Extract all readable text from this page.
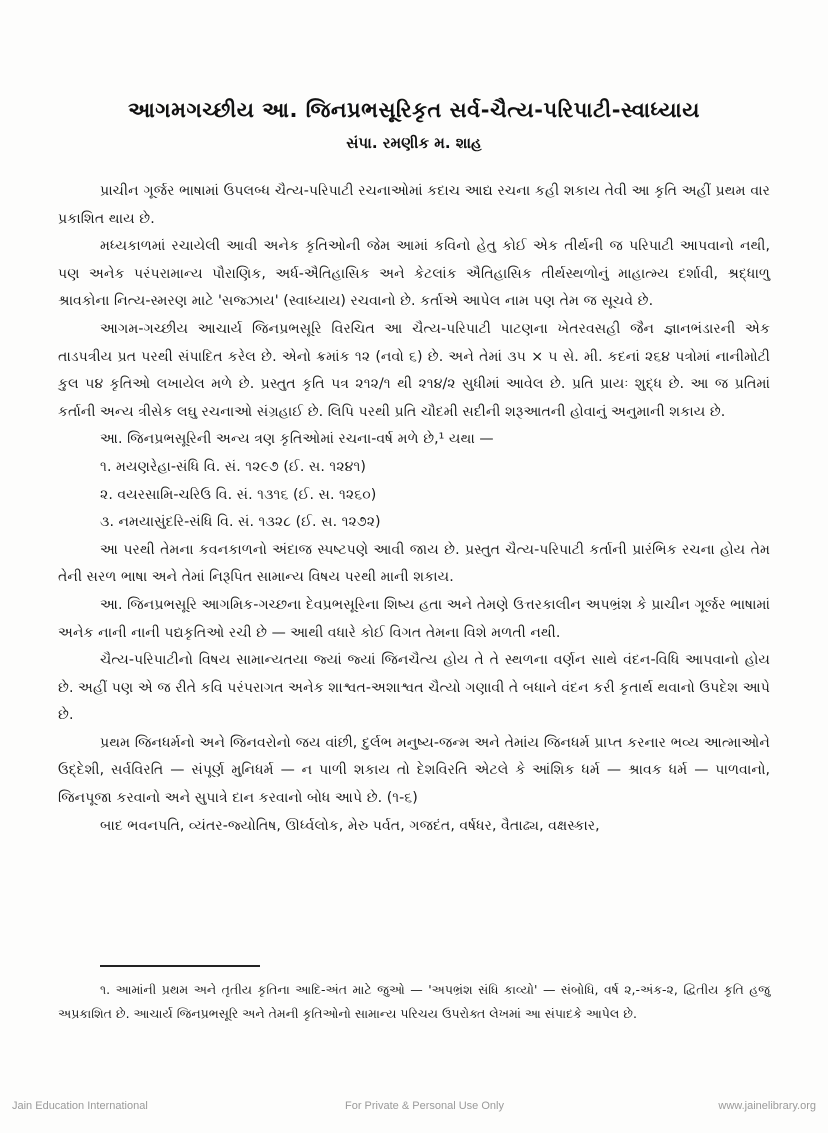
આગમગચ્છીય આ. જિનપ્રભસૂરિકૃત સર્વ-ચૈત્ય-પરિપાટી-સ્વાધ્યાય
સંપા. રમણીક મ. શાહ

પ્રાચીન ગૂર્જર ભાષામાં ઉપલબ્ધ ચૈત્ય-પરિપાટી રચનાઓમાં કદાચ આદ્ય રચના કહી શકાય તેવી આ કૃતિ અહીં પ્રથમ વાર પ્રકાશિત થાય છે.

મધ્યકાળમાં રચાયેલી આવી અનેક કૃતિઓની જેમ આમાં કવિનો હેતુ કોઈ એક તીર્થની જ પરિપાટી આપવાનો નથી, પણ અનેક પરંપરામાન્ય પૌરાણિક, અર્ધ-ઐતિહાસિક અને કેટલાંક ઐતિહાસિક તીર્થસ્થળોનું માહાત્મ્ય દર્શાવી, શ્રદ્ધાળુ શ્રાવકોના નિત્ય-સ્મરણ માટે 'સજ્ઝાય' (સ્વાધ્યાય) રચવાનો છે. કર્તાએ આપેલ નામ પણ તેમ જ સૂચવે છે.

આગમ-ગચ્છીય આચાર્ય જિનપ્રભસૂરિ વિરચિત આ ચૈત્ય-પરિપાટી પાટણના ખેતરવસહી જૈન જ્ઞાનભંડારની એક તાડપત્રીય પ્રત પરથી સંપાદિત કરેલ છે. એનો ક્રમાંક ૧૨ (નવો ૬) છે. અને તેમાં ૩૫ × ૫ સે. મી. કદનાં ૨૬૪ પત્રોમાં નાનીમોટી કુલ ૫૪ કૃતિઓ લખાયેલ મળે છે. પ્રસ્તુત કૃતિ પત્ર ૨૧૨/૧ થી ૨૧૪/૨ સુધીમાં આવેલ છે. પ્રતિ પ્રાયઃ શુદ્ધ છે. આ જ પ્રતિમાં કર્તાની અન્ય ત્રીસેક લઘુ રચનાઓ સંગ્રહાઈ છે. લિપિ પરથી પ્રતિ ચૌદમી સદીની શરૂઆતની હોવાનું અનુમાની શકાય છે.

આ. જિનપ્રભસૂરિની અન્ય ત્રણ કૃતિઓમાં રચના-વર્ષ મળે છે,¹ યથા —

૧. મયણરેહા-સંધિ વિ. સં. ૧૨૯૭ (ઈ. સ. ૧૨૪૧)
૨. વયરસામિ-ચરિઉ વિ. સં. ૧૩૧૬ (ઈ. સ. ૧૨૬૦)
૩. નમયાસુંદરિ-સંધિ વિ. સં. ૧૩૨૮ (ઈ. સ. ૧૨૭૨)

આ પરથી તેમના કવનકાળનો અંદાજ સ્પષ્ટપણે આવી જાય છે. પ્રસ્તુત ચૈત્ય-પરિપાટી કર્તાની પ્રારંભિક રચના હોય તેમ તેની સરળ ભાષા અને તેમાં નિરૂપિત સામાન્ય વિષય પરથી માની શકાય.

આ. જિનપ્રભસૂરિ આગમિક-ગચ્છના દેવપ્રભસૂરિના શિષ્ય હતા અને તેમણે ઉત્તરકાલીન અપભ્રંશ કે પ્રાચીન ગૂર્જર ભાષામાં અનેક નાની નાની પદ્યકૃતિઓ રચી છે — આથી વધારે કોઈ વિગત તેમના વિશે મળતી નથી.

ચૈત્ય-પરિપાટીનો વિષય સામાન્યતયા જ્યાં જ્યાં જિનચૈત્ય હોય તે તે સ્થળના વર્ણન સાથે વંદન-વિધિ આપવાનો હોય છે. અહીં પણ એ જ રીતે કવિ પરંપરાગત અનેક શાશ્વત-અશાશ્વત ચૈત્યો ગણાવી તે બધાને વંદન કરી કૃતાર્થ થવાનો ઉપદેશ આપે છે.

પ્રથમ જિનધર્મનો અને જિનવરોનો જય વાંછી, દુર્લભ મનુષ્ય-જન્મ અને તેમાંય જિનધર્મ પ્રાપ્ત કરનાર ભવ્ય આત્માઓને ઉદ્દેશી, સર્વવિરતિ — સંપૂર્ણ મુનિધર્મ — ન પાળી શકાય તો દેશવિરતિ એટલે કે આંશિક ધર્મ — શ્રાવક ધર્મ — પાળવાનો, જિનપૂજા કરવાનો અને સુપાત્રે દાન કરવાનો બોધ આપે છે. (૧-૬)

બાદ ભવનપતિ, વ્યંતર-જ્યોતિષ, ઊર્ધ્વલોક, મેરુ પર્વત, ગજદંત, વર્ષધર, વૈતાઢ્ય, વક્ષસ્કાર,

૧. આમાંની પ્રથમ અને તૃતીય કૃતિના આદિ-અંત માટે જુઓ — 'અપભ્રંશ સંધિ કાવ્યો' — સંબોધિ, વર્ષ ૨,-અંક-૨, દ્વિતીય કૃતિ હજુ અપ્રકાશિત છે. આચાર્ય જિનપ્રભસૂરિ અને તેમની કૃતિઓનો સામાન્ય પરિચય ઉપરોક્ત લેખમાં આ સંપાદકે આપેલ છે.

Jain Education International	For Private & Personal Use Only	www.jainelibrary.org
